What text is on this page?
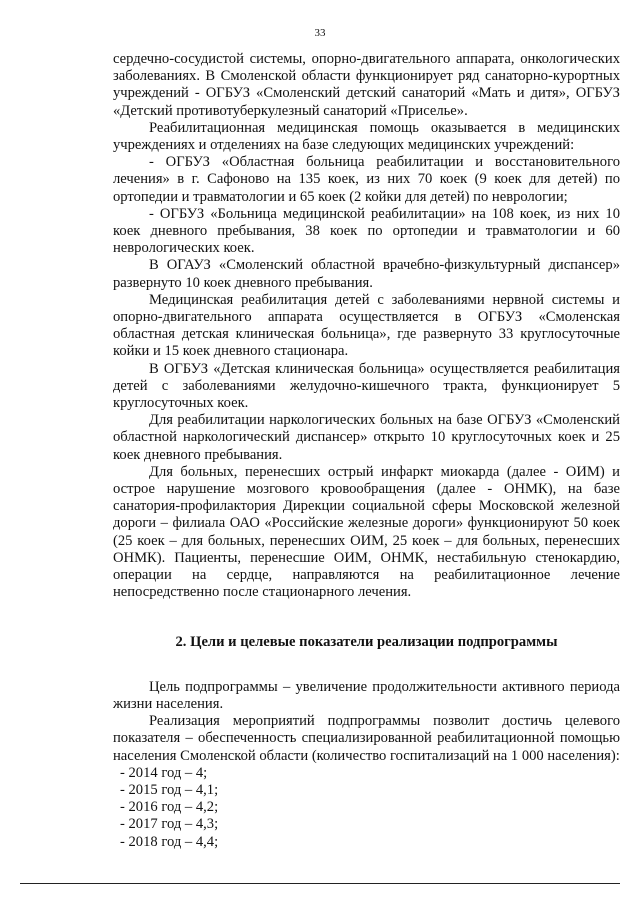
33

сердечно-сосудистой системы, опорно-двигательного аппарата, онкологических заболеваниях. В Смоленской области функционирует ряд санаторно-курортных учреждений - ОГБУЗ «Смоленский детский санаторий «Мать и дитя», ОГБУЗ «Детский противотуберкулезный санаторий «Приселье».

Реабилитационная медицинская помощь оказывается в медицинских учреждениях и отделениях на базе следующих медицинских учреждений:

- ОГБУЗ «Областная больница реабилитации и восстановительного лечения» в г. Сафоново на 135 коек, из них 70 коек (9 коек для детей) по ортопедии и травматологии и 65 коек (2 койки для детей) по неврологии;

- ОГБУЗ «Больница медицинской реабилитации» на 108 коек, из них 10 коек дневного пребывания, 38 коек по ортопедии и травматологии и 60 неврологических коек.

В ОГАУЗ «Смоленский областной врачебно-физкультурный диспансер» развернуто 10 коек дневного пребывания.

Медицинская реабилитация детей с заболеваниями нервной системы и опорно-двигательного аппарата осуществляется в ОГБУЗ «Смоленская областная детская клиническая больница», где развернуто 33 круглосуточные койки и 15 коек дневного стационара.

В ОГБУЗ «Детская клиническая больница» осуществляется реабилитация детей с заболеваниями желудочно-кишечного тракта, функционирует 5 круглосуточных коек.

Для реабилитации наркологических больных на базе ОГБУЗ «Смоленский областной наркологический диспансер» открыто 10 круглосуточных коек и 25 коек дневного пребывания.

Для больных, перенесших острый инфаркт миокарда (далее - ОИМ) и острое нарушение мозгового кровообращения (далее - ОНМК), на базе санатория-профилактория Дирекции социальной сферы Московской железной дороги – филиала ОАО «Российские железные дороги» функционируют 50 коек (25 коек – для больных, перенесших ОИМ, 25 коек – для больных, перенесших ОНМК). Пациенты, перенесшие ОИМ, ОНМК, нестабильную стенокардию, операции на сердце, направляются на реабилитационное лечение непосредственно после стационарного лечения.

2. Цели и целевые показатели реализации подпрограммы

Цель подпрограммы – увеличение продолжительности активного периода жизни населения.

Реализация мероприятий подпрограммы позволит достичь целевого показателя – обеспеченность специализированной реабилитационной помощью населения Смоленской области (количество госпитализаций на 1 000 населения):

- 2014 год – 4;

- 2015 год – 4,1;

- 2016 год – 4,2;

- 2017 год – 4,3;

- 2018 год – 4,4;
